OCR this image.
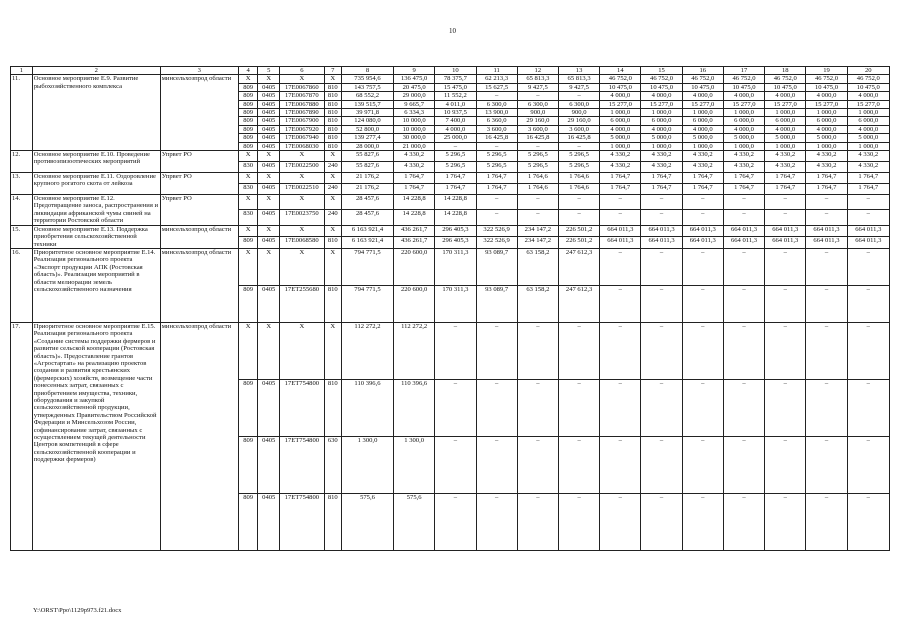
10
1	2	3	4	5	6	7	8	9	10	11	12	13	14	15	16	17	18	19	20
11.	Основное мероприятие Е.9. Развитие рыбохозяйственного комплекса	минсельхозпрод области	X	X	X	X	735 954,6	136 475,0	78 375,7	62 213,3	65 813,3	65 813,3	46 752,0	46 752,0	46 752,0	46 752,0	46 752,0	46 752,0	46 752,0
			809	0405	17Е0067860	810	143 757,5	20 475,0	15 475,0	15 627,5	9 427,5	9 427,5	10 475,0	10 475,0	10 475,0	10 475,0	10 475,0	10 475,0	10 475,0
			809	0405	17Е0067870	810	68 552,2	29 000,0	11 552,2	–	–	–	4 000,0	4 000,0	4 000,0	4 000,0	4 000,0	4 000,0	4 000,0
			809	0405	17Е0067880	810	139 515,7	9 665,7	4 011,0	6 300,0	6 300,0	6 300,0	15 277,0	15 277,0	15 277,0	15 277,0	15 277,0	15 277,0	15 277,0
			809	0405	17Е0067890	810	39 971,8	6 334,3	10 937,5	13 900,0	900,0	900,0	1 000,0	1 000,0	1 000,0	1 000,0	1 000,0	1 000,0	1 000,0
			809	0405	17Е0067900	810	124 080,0	10 000,0	7 400,0	6 360,0	29 160,0	29 160,0	6 000,0	6 000,0	6 000,0	6 000,0	6 000,0	6 000,0	6 000,0
			809	0405	17Е0067920	810	52 800,0	10 000,0	4 000,0	3 600,0	3 600,0	3 600,0	4 000,0	4 000,0	4 000,0	4 000,0	4 000,0	4 000,0	4 000,0
			809	0405	17Е0067940	810	139 277,4	30 000,0	25 000,0	16 425,8	16 425,8	16 425,8	5 000,0	5 000,0	5 000,0	5 000,0	5 000,0	5 000,0	5 000,0
			809	0405	17Е0068030	810	28 000,0	21 000,0	–	–	–	–	1 000,0	1 000,0	1 000,0	1 000,0	1 000,0	1 000,0	1 000,0
12.	Основное мероприятие Е.10. Проведение противоэпизоотических мероприятий	Упрвет РО	X	X	X	X	55 827,6	4 330,2	5 296,5	5 296,5	5 296,5	5 296,5	4 330,2	4 330,2	4 330,2	4 330,2	4 330,2	4 330,2	4 330,2
			830	0405	17Е0022500	240	55 827,6	4 330,2	5 296,5	5 296,5	5 296,5	5 296,5	4 330,2	4 330,2	4 330,2	4 330,2	4 330,2	4 330,2	4 330,2
13.	Основное мероприятие Е.11. Оздоровление крупного рогатого скота от лейкоза	Упрвет РО	X	X	X	X	21 176,2	1 764,7	1 764,7	1 764,7	1 764,6	1 764,6	1 764,7	1 764,7	1 764,7	1 764,7	1 764,7	1 764,7	1 764,7
			830	0405	17Е0022510	240	21 176,2	1 764,7	1 764,7	1 764,7	1 764,6	1 764,6	1 764,7	1 764,7	1 764,7	1 764,7	1 764,7	1 764,7	1 764,7
14.	Основное мероприятие Е.12. Предотвращение заноса, распространения и ликвидация африканской чумы свиней на территории Ростовской области	Упрвет РО	X	X	X	X	28 457,6	14 228,8	14 228,8	–	–	–	–	–	–	–	–	–	–
			830	0405	17Е0023750	240	28 457,6	14 228,8	14 228,8	–	–	–	–	–	–	–	–	–	–
15.	Основное мероприятие Е.13. Поддержка приобретения сельскохозяйственной техники	минсельхозпрод области	X	X	X	X	6 163 921,4	436 261,7	296 405,3	322 526,9	234 147,2	226 501,2	664 011,3	664 011,3	664 011,3	664 011,3	664 011,3	664 011,3	664 011,3
			809	0405	17Е0068580	810	6 163 921,4	436 261,7	296 405,3	322 526,9	234 147,2	226 501,2	664 011,3	664 011,3	664 011,3	664 011,3	664 011,3	664 011,3	664 011,3
16.	Приоритетное основное мероприятие Е.14. Реализация регионального проекта «Экспорт продукции АПК (Ростовская область)». Реализация мероприятий в области мелиорации земель сельскохозяйственного назначения	минсельхозпрод области	X	X	X	X	794 771,5	220 600,0	170 311,3	93 089,7	63 158,2	247 612,3	–	–	–	–	–	–	–
			809	0405	17ЕТ255680	810	794 771,5	220 600,0	170 311,3	93 089,7	63 158,2	247 612,3	–	–	–	–	–	–	–
17.	Приоритетное основное мероприятие Е.15. Реализация регионального проекта «Создание системы поддержки фермеров и развитие сельской кооперации (Ростовская область)». Предоставление грантов «Агростартап» на реализацию проектов создания и развития крестьянских (фермерских) хозяйств, возмещение части понесенных затрат, связанных с приобретением имущества, техники, оборудования и закупкой сельскохозяйственной продукции, утвержденных Правительством Российской Федерации и Минсельхозом России, софинансирование затрат, связанных с осуществлением текущей деятельности Центров компетенций в сфере сельскохозяйственной кооперации и поддержки фермеров)	минсельхозпрод области	X	X	X	X	112 272,2	112 272,2	–	–	–	–	–	–	–	–	–	–	–
			809	0405	17ЕТ754800	810	110 396,6	110 396,6	–	–	–	–	–	–	–	–	–	–	–
			809	0405	17ЕТ754800	630	1 300,0	1 300,0	–	–	–	–	–	–	–	–	–	–	–
			809	0405	17ЕТ754800	810	575,6	575,6	–	–	–	–	–	–	–	–	–	–	–
Y:\ORST\Ppo\1129p973.f21.docx
